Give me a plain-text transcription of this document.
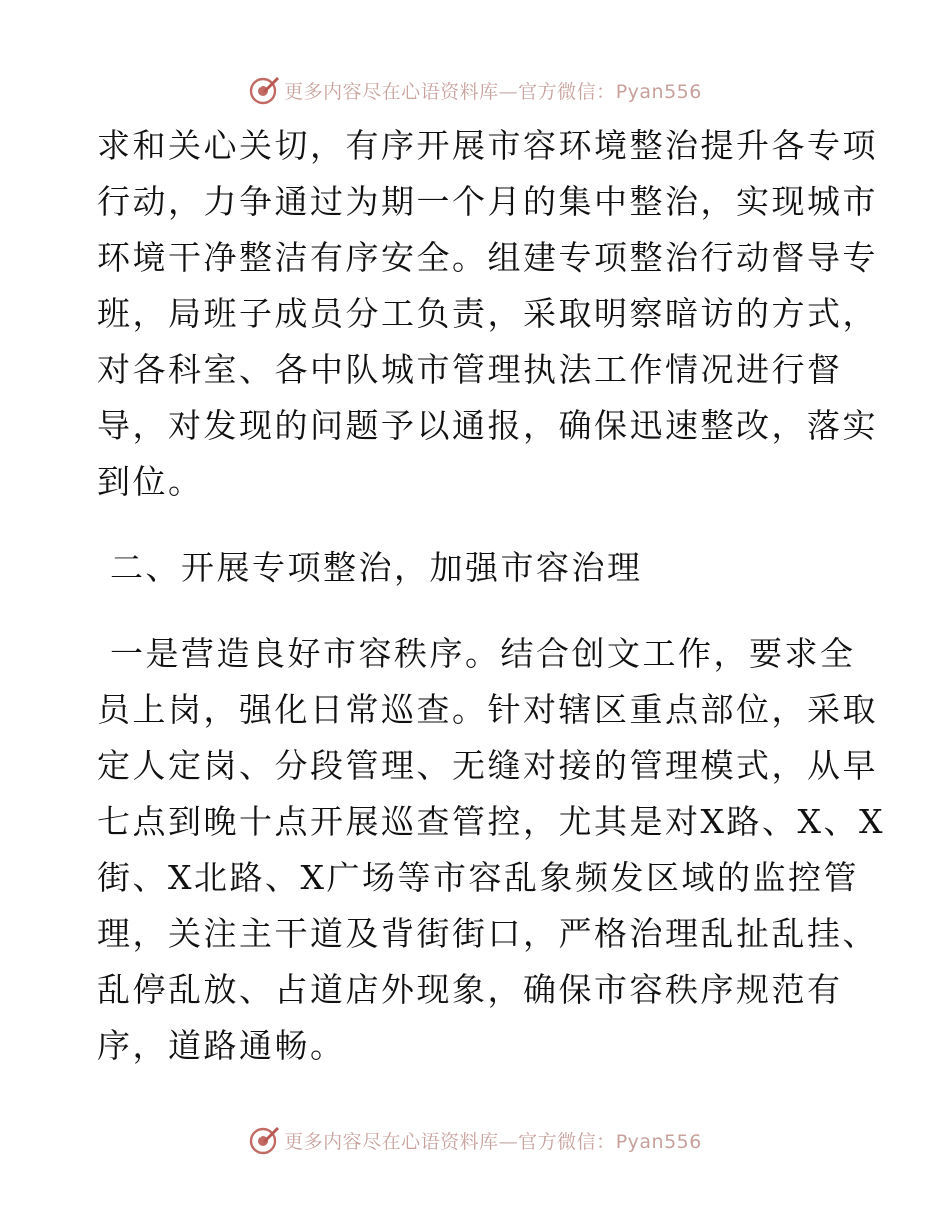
更多内容尽在心语资料库—官方微信：Pyan556
求和关心关切，有序开展市容环境整治提升各专项
行动，力争通过为期一个月的集中整治，实现城市
环境干净整洁有序安全。组建专项整治行动督导专
班，局班子成员分工负责，采取明察暗访的方式，
对各科室、各中队城市管理执法工作情况进行督
导，对发现的问题予以通报，确保迅速整改，落实
到位。
二、开展专项整治，加强市容治理
一是营造良好市容秩序。结合创文工作，要求全
员上岗，强化日常巡查。针对辖区重点部位，采取
定人定岗、分段管理、无缝对接的管理模式，从早
七点到晚十点开展巡查管控，尤其是对X路、X、X
街、X北路、X广场等市容乱象频发区域的监控管
理，关注主干道及背街街口，严格治理乱扯乱挂、
乱停乱放、占道店外现象，确保市容秩序规范有
序，道路通畅。
更多内容尽在心语资料库—官方微信：Pyan556
